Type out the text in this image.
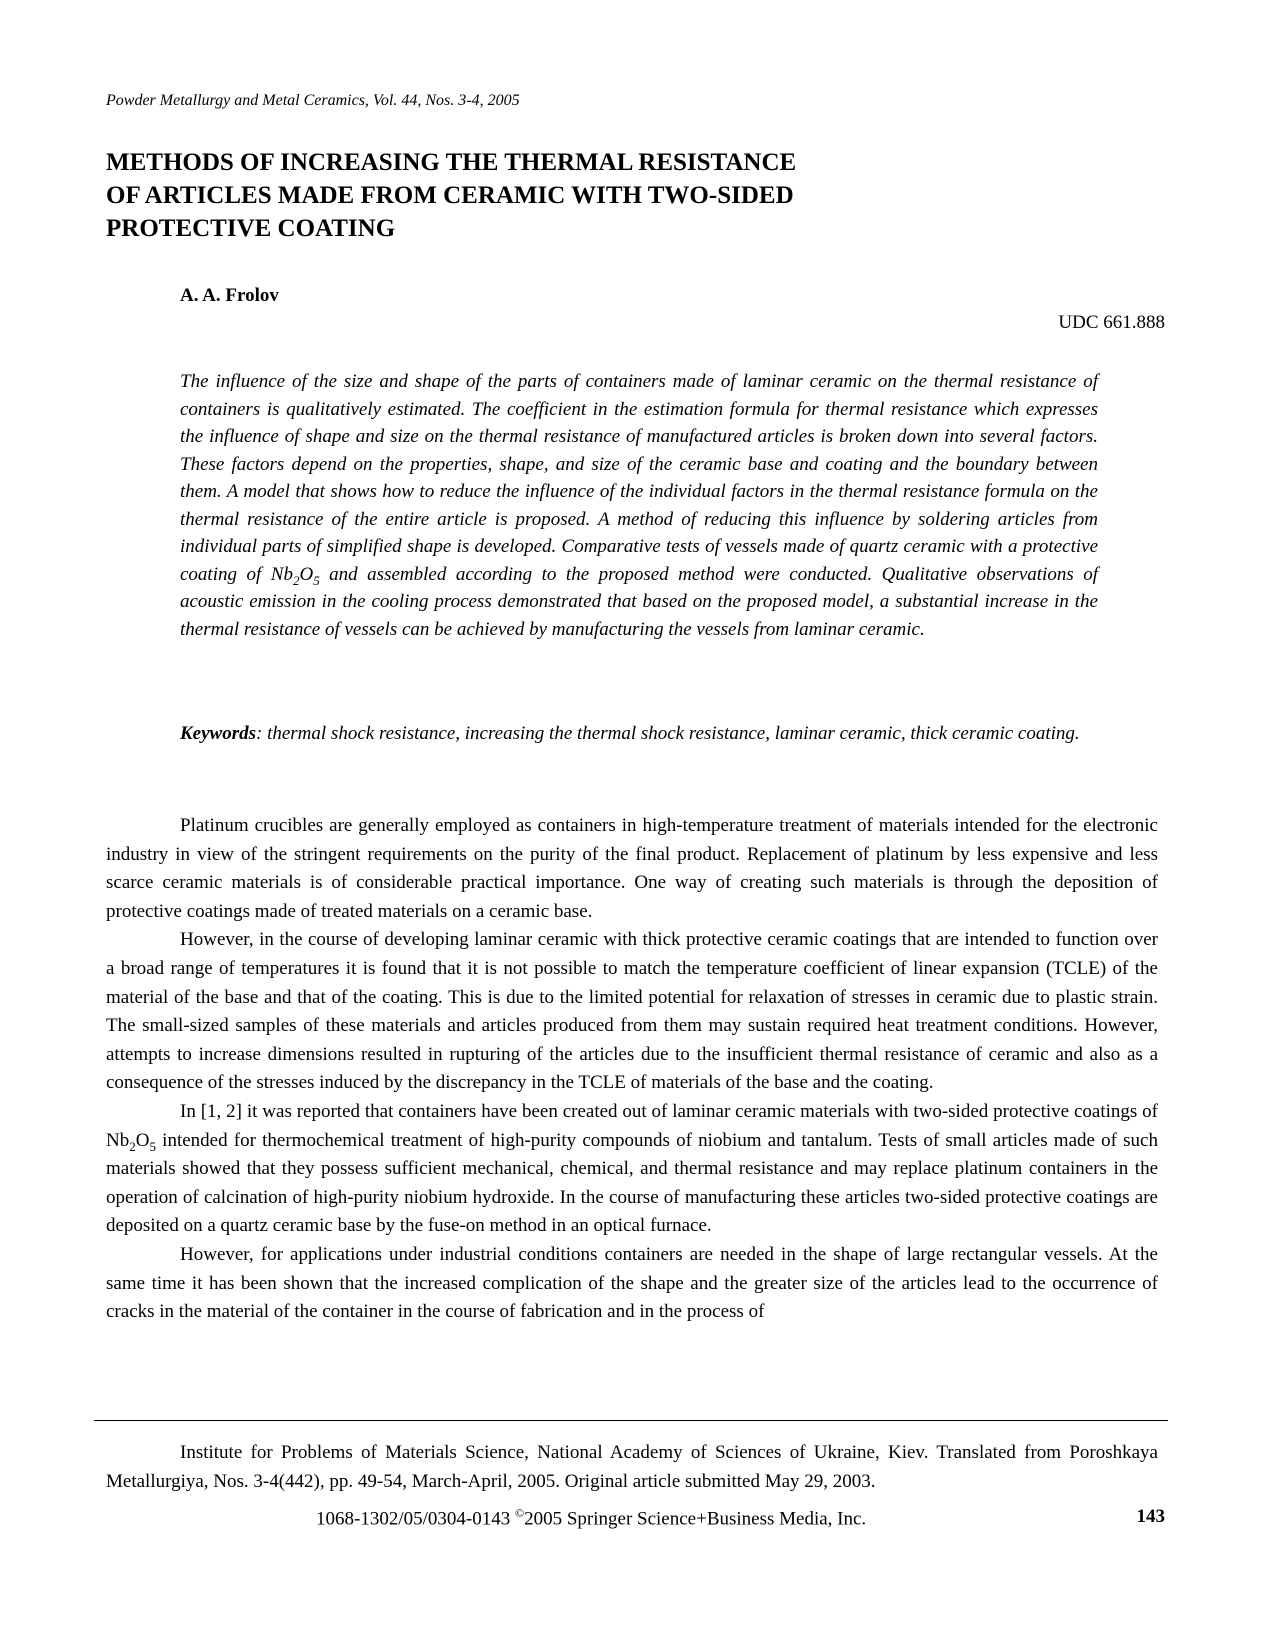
Powder Metallurgy and Metal Ceramics, Vol. 44, Nos. 3-4, 2005
METHODS OF INCREASING THE THERMAL RESISTANCE
OF ARTICLES MADE FROM CERAMIC WITH TWO-SIDED
PROTECTIVE COATING
A. A. Frolov
UDC 661.888

The influence of the size and shape of the parts of containers made of laminar ceramic on the thermal resistance of containers is qualitatively estimated. The coefficient in the estimation formula for thermal resistance which expresses the influence of shape and size on the thermal resistance of manufactured articles is broken down into several factors. These factors depend on the properties, shape, and size of the ceramic base and coating and the boundary between them. A model that shows how to reduce the influence of the individual factors in the thermal resistance formula on the thermal resistance of the entire article is proposed. A method of reducing this influence by soldering articles from individual parts of simplified shape is developed. Comparative tests of vessels made of quartz ceramic with a protective coating of $Nb_2O_5$ and assembled according to the proposed method were conducted. Qualitative observations of acoustic emission in the cooling process demonstrated that based on the proposed model, a substantial increase in the thermal resistance of vessels can be achieved by manufacturing the vessels from laminar ceramic.

Keywords: thermal shock resistance, increasing the thermal shock resistance, laminar ceramic, thick ceramic coating.

Platinum crucibles are generally employed as containers in high-temperature treatment of materials intended for the electronic industry in view of the stringent requirements on the purity of the final product. Replacement of platinum by less expensive and less scarce ceramic materials is of considerable practical importance. One way of creating such materials is through the deposition of protective coatings made of treated materials on a ceramic base.

However, in the course of developing laminar ceramic with thick protective ceramic coatings that are intended to function over a broad range of temperatures it is found that it is not possible to match the temperature coefficient of linear expansion (TCLE) of the material of the base and that of the coating. This is due to the limited potential for relaxation of stresses in ceramic due to plastic strain. The small-sized samples of these materials and articles produced from them may sustain required heat treatment conditions. However, attempts to increase dimensions resulted in rupturing of the articles due to the insufficient thermal resistance of ceramic and also as a consequence of the stresses induced by the discrepancy in the TCLE of materials of the base and the coating.

In [1, 2] it was reported that containers have been created out of laminar ceramic materials with two-sided protective coatings of $Nb_2O_5$ intended for thermochemical treatment of high-purity compounds of niobium and tantalum. Tests of small articles made of such materials showed that they possess sufficient mechanical, chemical, and thermal resistance and may replace platinum containers in the operation of calcination of high-purity niobium hydroxide. In the course of manufacturing these articles two-sided protective coatings are deposited on a quartz ceramic base by the fuse-on method in an optical furnace.

However, for applications under industrial conditions containers are needed in the shape of large rectangular vessels. At the same time it has been shown that the increased complication of the shape and the greater size of the articles lead to the occurrence of cracks in the material of the container in the course of fabrication and in the process of

Institute for Problems of Materials Science, National Academy of Sciences of Ukraine, Kiev. Translated from Poroshkaya Metallurgiya, Nos. 3-4(442), pp. 49-54, March-April, 2005. Original article submitted May 29, 2003.

1068-1302/05/0304-0143 ©2005 Springer Science+Business Media, Inc.	143
